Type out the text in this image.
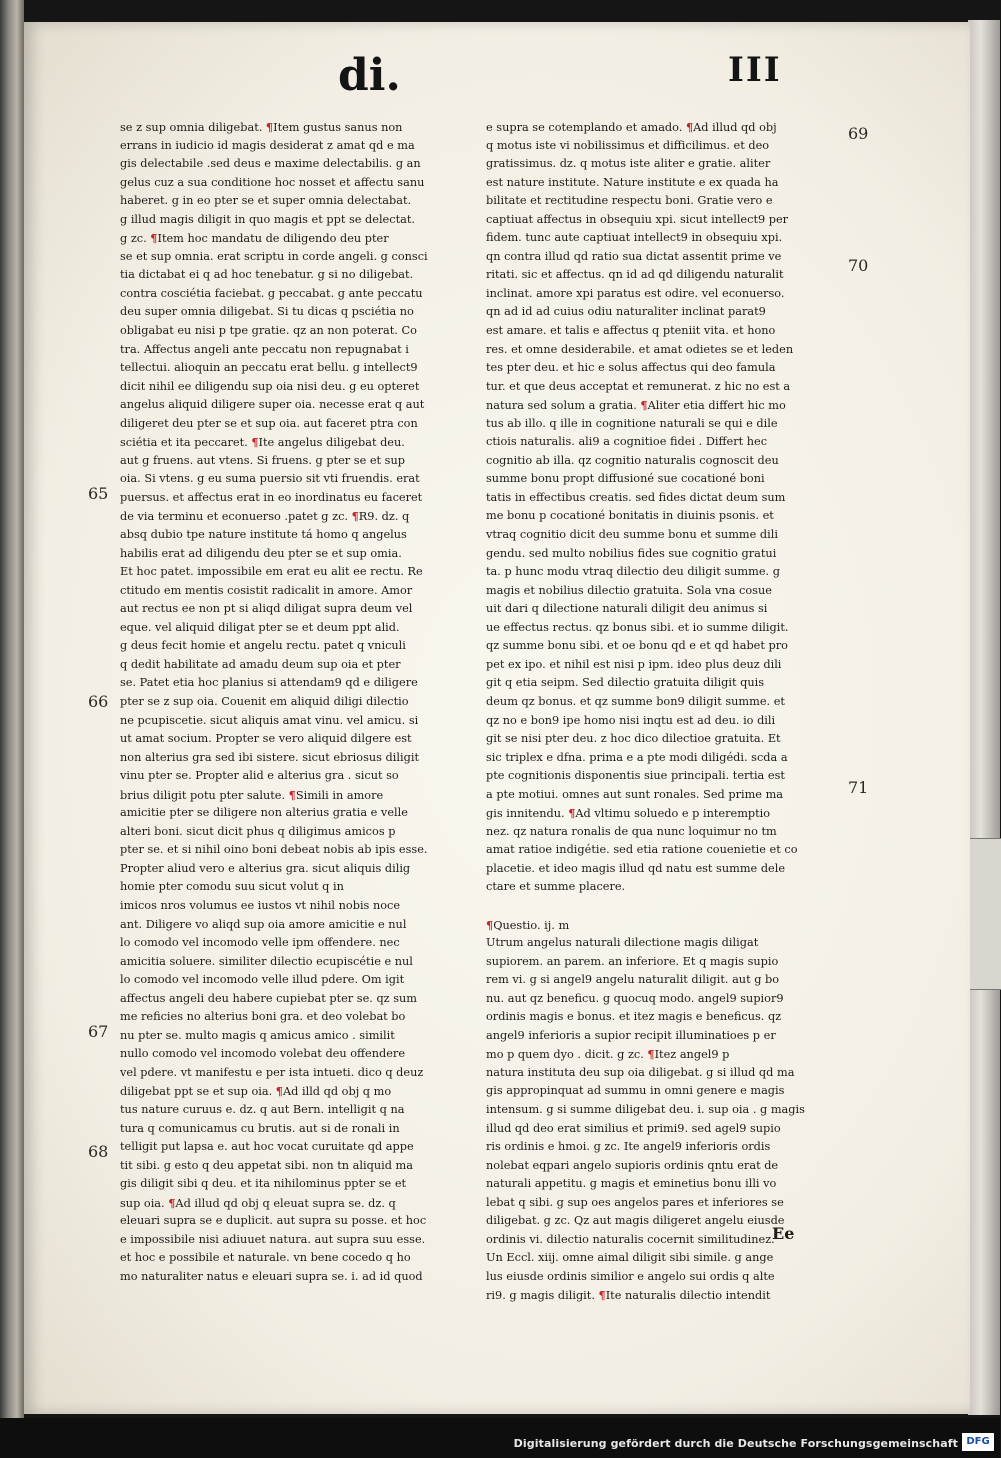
di.	III
se z sup omnia diligebat. ¶Item gustus sanus non
errans in iudicio id magis desiderat z amat qd e ma
gis delectabile .sed deus e maxime delectabilis. g an
gelus cuz a sua conditione hoc nosset et affectu sanu
haberet. g in eo pter se et super omnia delectabat.
g illud magis diligit in quo magis et ppt se delectat.
g zc. ¶Item hoc mandatu de diligendo deu pter
se et sup omnia. erat scriptu in corde angeli. g consci
tia dictabat ei q ad hoc tenebatur. g si no diligebat.
contra cosciétia faciebat. g peccabat. g ante peccatu
deu super omnia diligebat. Si tu dicas q psciétia no
obligabat eu nisi p tpe gratie. qz an non poterat. Co
tra. Affectus angeli ante peccatu non repugnabat i
tellectui. alioquin an peccatu erat bellu. g intellect9
dicit nihil ee diligendu sup oia nisi deu. g eu opteret
angelus aliquid diligere super oia. necesse erat q aut
diligeret deu pter se et sup oia. aut faceret ptra con
sciétia et ita peccaret. ¶Ite angelus diligebat deu.
aut g fruens. aut vtens. Si fruens. g pter se et sup
oia. Si vtens. g eu suma puersio sit vti fruendis. erat
puersus. et affectus erat in eo inordinatus eu faceret
de via terminu et econuerso .patet g zc. ¶R9. dz. q
absq dubio tpe nature institute tá homo q angelus
habilis erat ad diligendu deu pter se et sup omia.
Et hoc patet. impossibile em erat eu alit ee rectu. Re
ctitudo em mentis cosistit radicalit in amore. Amor
aut rectus ee non pt si aliqd diligat supra deum vel
eque. vel aliquid diligat pter se et deum ppt alid.
g deus fecit homie et angelu rectu. patet q vniculi
q dedit habilitate ad amadu deum sup oia et pter
se. Patet etia hoc planius si attendam9 qd e diligere
pter se z sup oia. Couenit em aliquid diligi dilectio
ne pcupiscetie. sicut aliquis amat vinu. vel amicu. si
ut amat socium. Propter se vero aliquid dilgere est
non alterius gra sed ibi sistere. sicut ebriosus diligit
vinu pter se. Propter alid e alterius gra . sicut so
brius diligit potu pter salute. ¶Simili in amore
amicitie pter se diligere non alterius gratia e velle
alteri boni. sicut dicit phus q diligimus amicos p
pter se. et si nihil oino boni debeat nobis ab ipis esse.
Propter aliud vero e alterius gra. sicut aliquis dilig
homie pter comodu suu sicut volut q in
imicos nros volumus ee iustos vt nihil nobis noce
ant. Diligere vo aliqd sup oia amore amicitie e nul
lo comodo vel incomodo velle ipm offendere. nec
amicitia soluere. similiter dilectio ecupiscétie e nul
lo comodo vel incomodo velle illud pdere. Om igit
affectus angeli deu habere cupiebat pter se. qz sum
me reficies no alterius boni gra. et deo volebat bo
nu pter se. multo magis q amicus amico . similit
nullo comodo vel incomodo volebat deu offendere
vel pdere. vt manifestu e per ista intueti. dico q deuz
diligebat ppt se et sup oia. ¶Ad illd qd obj q mo
tus nature curuus e. dz. q aut Bern. intelligit q na
tura q comunicamus cu brutis. aut si de ronali in
telligit put lapsa e. aut hoc vocat curuitate qd appe
tit sibi. g esto q deu appetat sibi. non tn aliquid ma
gis diligit sibi q deu. et ita nihilominus ppter se et
sup oia. ¶Ad illud qd obj q eleuat supra se. dz. q
eleuari supra se e duplicit. aut supra su posse. et hoc
e impossibile nisi adiuuet natura. aut supra suu esse.
et hoc e possibile et naturale. vn bene cocedo q ho
mo naturaliter natus e eleuari supra se. i. ad id quod
e supra se cotemplando et amado. ¶Ad illud qd obj
q motus iste vi nobilissimus et difficilimus. et deo
gratissimus. dz. q motus iste aliter e gratie. aliter
est nature institute. Nature institute e ex quada ha
bilitate et rectitudine respectu boni. Gratie vero e
captiuat affectus in obsequiu xpi. sicut intellect9 per
fidem. tunc aute captiuat intellect9 in obsequiu xpi.
qn contra illud qd ratio sua dictat assentit prime ve
ritati. sic et affectus. qn id ad qd diligendu naturalit
inclinat. amore xpi paratus est odire. vel econuerso.
qn ad id ad cuius odiu naturaliter inclinat parat9
est amare. et talis e affectus q pteniit vita. et hono
res. et omne desiderabile. et amat odietes se et leden
tes pter deu. et hic e solus affectus qui deo famula
tur. et que deus acceptat et remunerat. z hic no est a
natura sed solum a gratia. ¶Aliter etia differt hic mo
tus ab illo. q ille in cognitione naturali se qui e dile
ctiois naturalis. ali9 a cognitioe fidei . Differt hec
cognitio ab illa. qz cognitio naturalis cognoscit deu
summe bonu propt diffusioné sue cocationé boni
tatis in effectibus creatis. sed fides dictat deum sum
me bonu p cocationé bonitatis in diuinis psonis. et
vtraq cognitio dicit deu summe bonu et summe dili
gendu. sed multo nobilius fides sue cognitio gratui
ta. p hunc modu vtraq dilectio deu diligit summe. g
magis et nobilius dilectio gratuita. Sola vna cosue
uit dari q dilectione naturali diligit deu animus si
ue effectus rectus. qz bonus sibi. et io summe diligit.
qz summe bonu sibi. et oe bonu qd e et qd habet pro
pet ex ipo. et nihil est nisi p ipm. ideo plus deuz dili
git q etia seipm. Sed dilectio gratuita diligit quis
deum qz bonus. et qz summe bon9 diligit summe. et
qz no e bon9 ipe homo nisi inqtu est ad deu. io dili
git se nisi pter deu. z hoc dico dilectioe gratuita. Et
sic triplex e dfna. prima e a pte modi diligédi. scda a
pte cognitionis disponentis siue principali. tertia est
a pte motiui. omnes aut sunt ronales. Sed prime ma
gis innitendu. ¶Ad vltimu soluedo e p interemptio
nez. qz natura ronalis de qua nunc loquimur no tm
amat ratioe indigétie. sed etia ratione couenietie et co
placetie. et ideo magis illud qd natu est summe dele
ctare et summe placere.
¶Questio. ij. m
Utrum angelus naturali dilectione magis diligat
supiorem. an parem. an inferiore. Et q magis supio
rem vi. g si angel9 angelu naturalit diligit. aut g bo
nu. aut qz beneficu. g quocuq modo. angel9 supior9
ordinis magis e bonus. et itez magis e beneficus. qz
angel9 inferioris a supior recipit illuminatioes p er
mo p quem dyo . dicit. g zc. ¶Itez angel9 p
natura instituta deu sup oia diligebat. g si illud qd ma
gis appropinquat ad summu in omni genere e magis
intensum. g si summe diligebat deu. i. sup oia . g magis
illud qd deo erat similius et primi9. sed agel9 supio
ris ordinis e hmoi. g zc. Ite angel9 inferioris ordis
nolebat eqpari angelo supioris ordinis qntu erat de
naturali appetitu. g magis et eminetius bonu illi vo
lebat q sibi. g sup oes angelos pares et inferiores se
diligebat. g zc. Qz aut magis diligeret angelu eiusde
ordinis vi. dilectio naturalis cocernit similitudinez.
Un Eccl. xiij. omne aimal diligit sibi simile. g ange
lus eiusde ordinis similior e angelo sui ordis q alte
ri9. g magis diligit. ¶Ite naturalis dilectio intendit
65
66
67
68
69
70
71
Ee
Digitalisierung gefördert durch die Deutsche Forschungsgemeinschaft DFG
